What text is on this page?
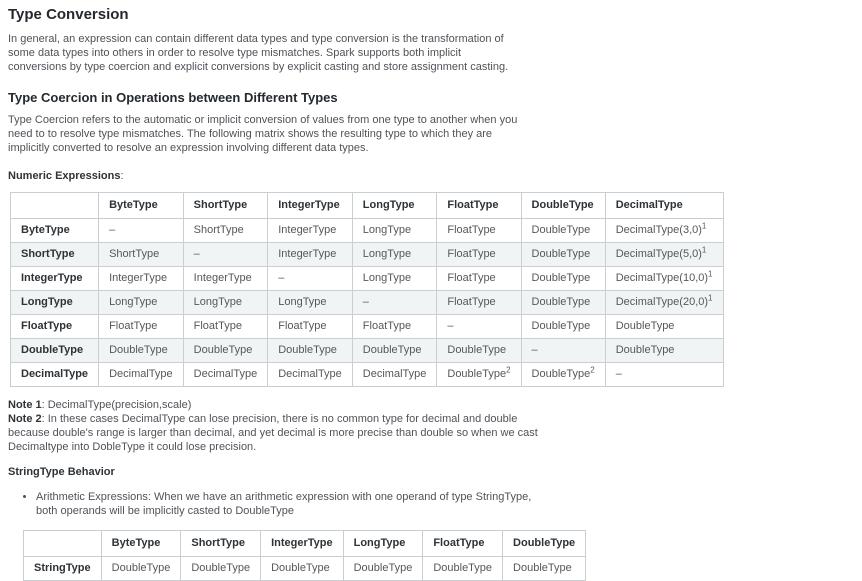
Type Conversion

In general, an expression can contain different data types and type conversion is the transformation of some data types into others in order to resolve type mismatches. Spark supports both implicit conversions by type coercion and explicit conversions by explicit casting and store assignment casting.

Type Coercion in Operations between Different Types

Type Coercion refers to the automatic or implicit conversion of values from one type to another when you need to to resolve type mismatches. The following matrix shows the resulting type to which they are implicitly converted to resolve an expression involving different data types.

Numeric Expressions:

	ByteType	ShortType	IntegerType	LongType	FloatType	DoubleType	DecimalType
ByteType	–	ShortType	IntegerType	LongType	FloatType	DoubleType	$DecimalType(3,0)^1$
ShortType	ShortType	–	IntegerType	LongType	FloatType	DoubleType	$DecimalType(5,0)^1$
IntegerType	IntegerType	IntegerType	–	LongType	FloatType	DoubleType	$DecimalType(10,0)^1$
LongType	LongType	LongType	LongType	–	FloatType	DoubleType	$DecimalType(20,0)^1$
FloatType	FloatType	FloatType	FloatType	FloatType	–	DoubleType	DoubleType
DoubleType	DoubleType	DoubleType	DoubleType	DoubleType	DoubleType	–	DoubleType
DecimalType	DecimalType	DecimalType	DecimalType	DecimalType	DoubleType$^2$	DoubleType$^2$	–

Note 1: DecimalType(precision,scale)

Note 2: In these cases DecimalType can lose precision, there is no common type for decimal and double because double's range is larger than decimal, and yet decimal is more precise than double so when we cast Decimaltype into DobleType it could lose precision.

StringType Behavior

• Arithmetic Expressions: When we have an arithmetic expression with one operand of type StringType, both operands will be implicitly casted to DoubleType
	ByteType	ShortType	IntegerType	LongType	FloatType	DoubleType
StringType	DoubleType	DoubleType	DoubleType	DoubleType	DoubleType	DoubleType
